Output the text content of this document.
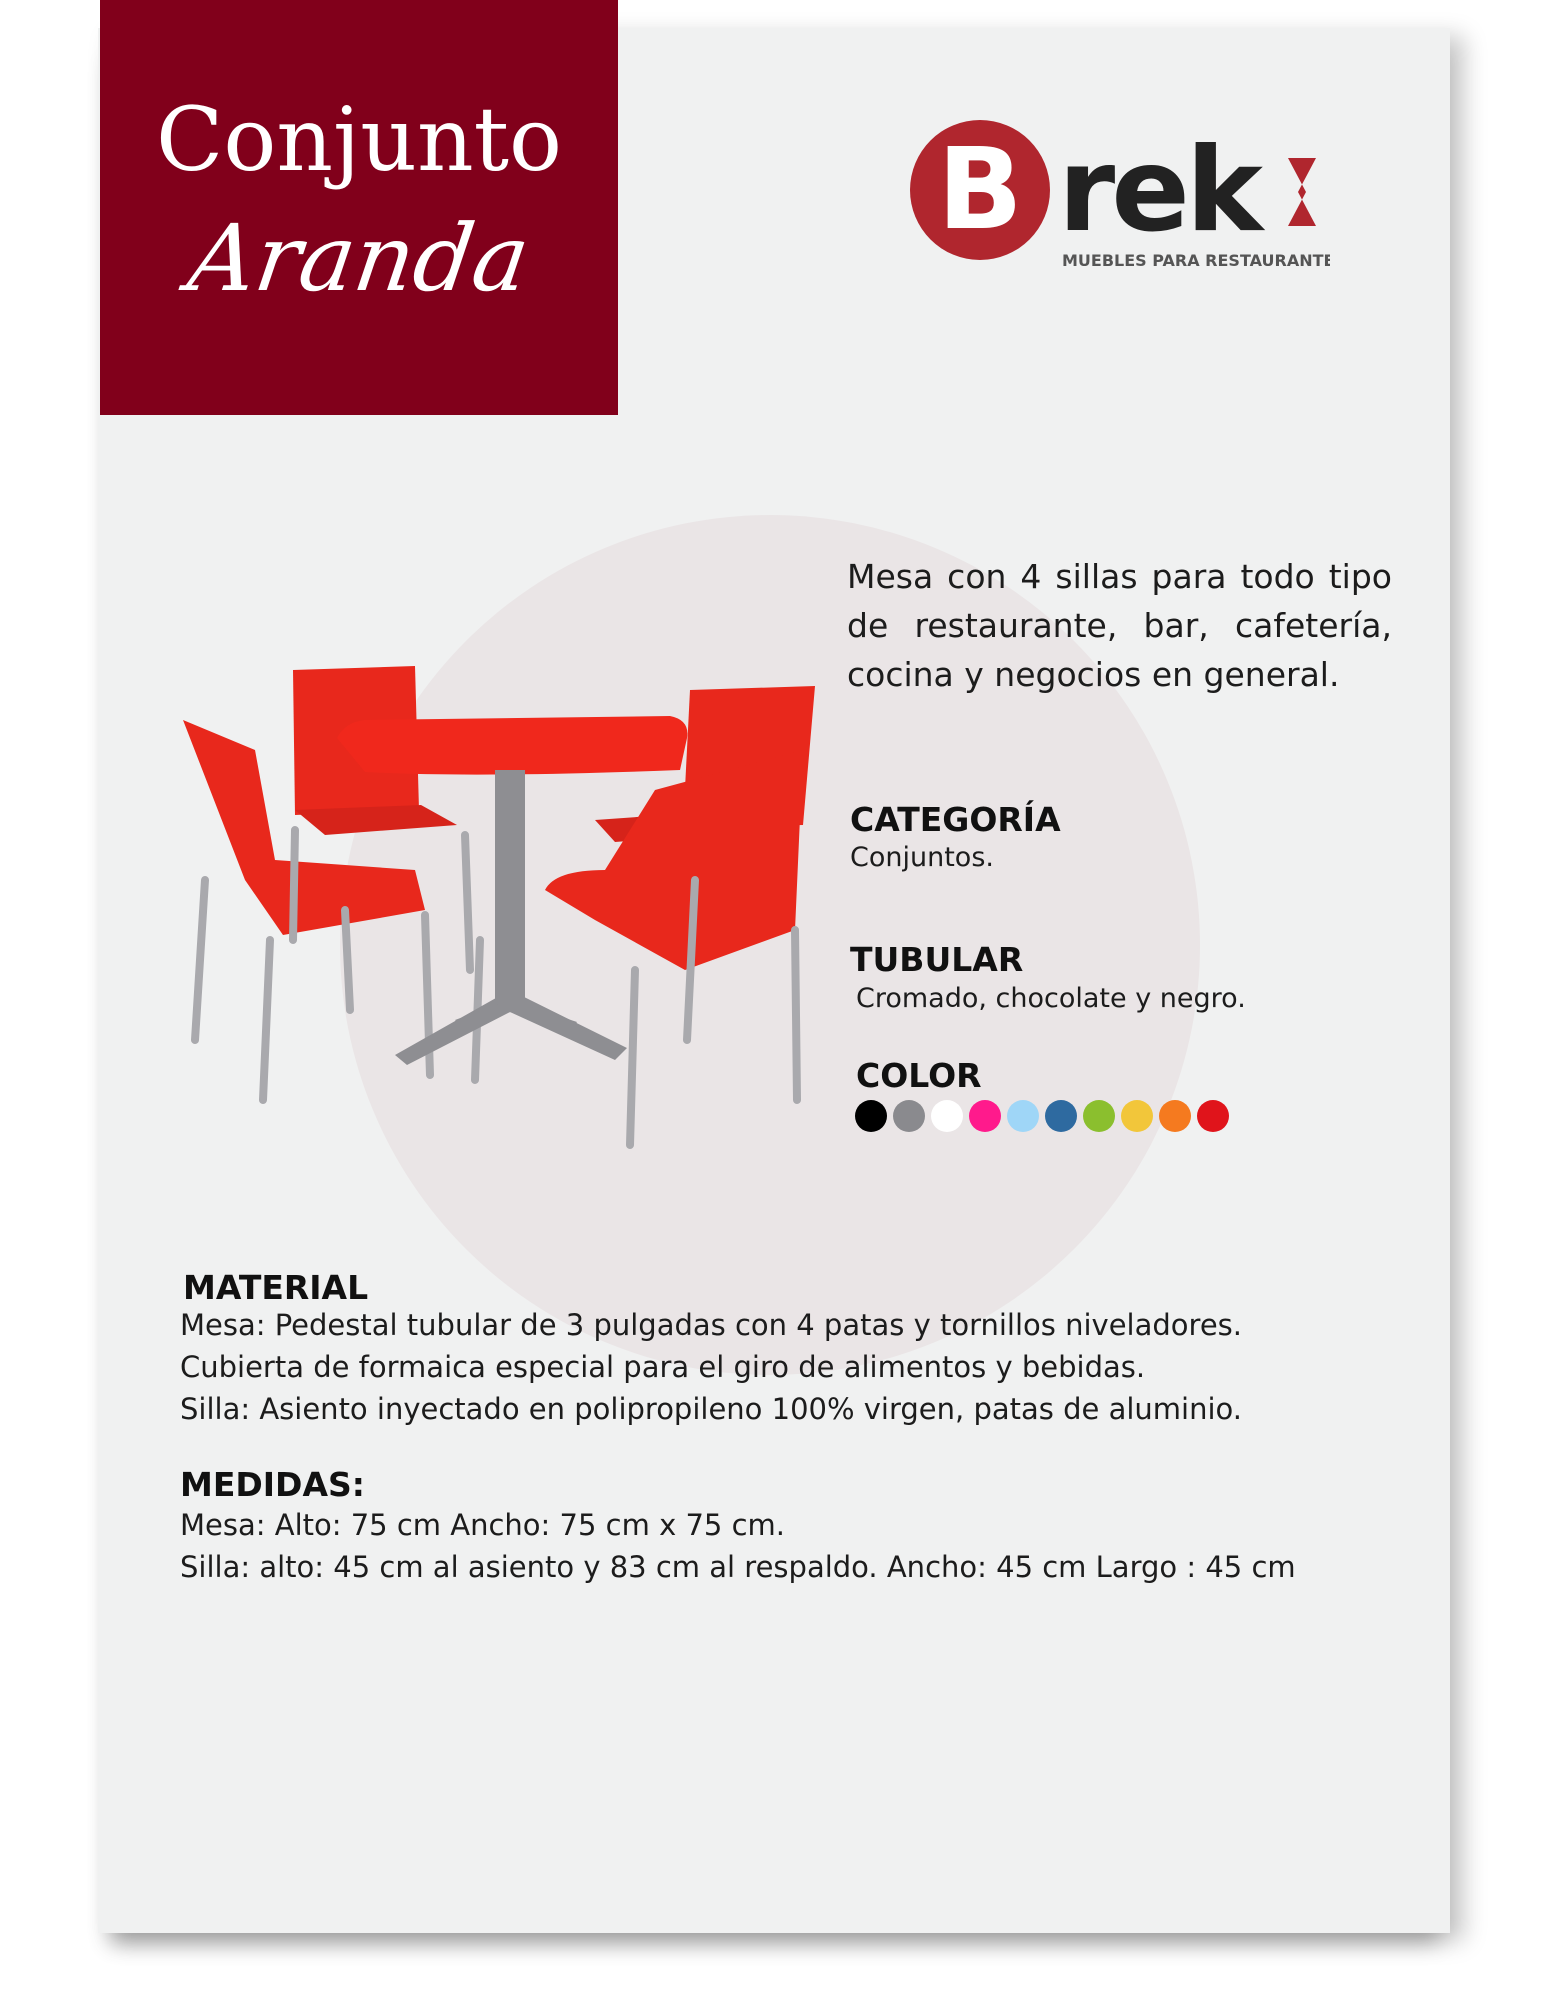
Conjunto
Aranda
B rek
MUEBLES PARA RESTAURANTES
Mesa con 4 sillas para todo tipo de restaurante, bar, cafetería, cocina y negocios en general.
CATEGORÍA
Conjuntos.
TUBULAR
Cromado, chocolate y negro.
COLOR
MATERIAL
Mesa: Pedestal tubular de 3 pulgadas con 4 patas y tornillos niveladores.
Cubierta de formaica especial para el giro de alimentos y bebidas.
Silla: Asiento inyectado en polipropileno 100% virgen, patas de aluminio.
MEDIDAS:
Mesa: Alto: 75 cm Ancho: 75 cm x 75 cm.
Silla: alto: 45 cm al asiento y 83 cm al respaldo. Ancho: 45 cm Largo : 45 cm
